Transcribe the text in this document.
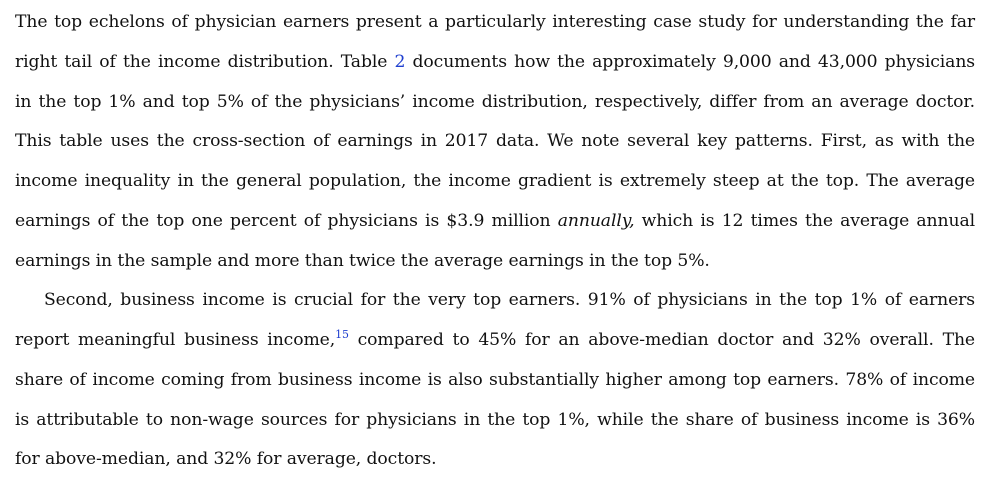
The top echelons of physician earners present a particularly interesting case study for understanding the far
right tail of the income distribution. Table 2 documents how the approximately 9,000 and 43,000 physicians
in the top 1% and top 5% of the physicians’ income distribution, respectively, differ from an average doctor.
This table uses the cross-section of earnings in 2017 data. We note several key patterns. First, as with the
income inequality in the general population, the income gradient is extremely steep at the top. The average
earnings of the top one percent of physicians is $3.9 million annually, which is 12 times the average annual
earnings in the sample and more than twice the average earnings in the top 5%.
Second, business income is crucial for the very top earners. 91% of physicians in the top 1% of earners
report meaningful business income,$^{15}$ compared to 45% for an above-median doctor and 32% overall. The
share of income coming from business income is also substantially higher among top earners. 78% of income
is attributable to non-wage sources for physicians in the top 1%, while the share of business income is 36%
for above-median, and 32% for average, doctors.
